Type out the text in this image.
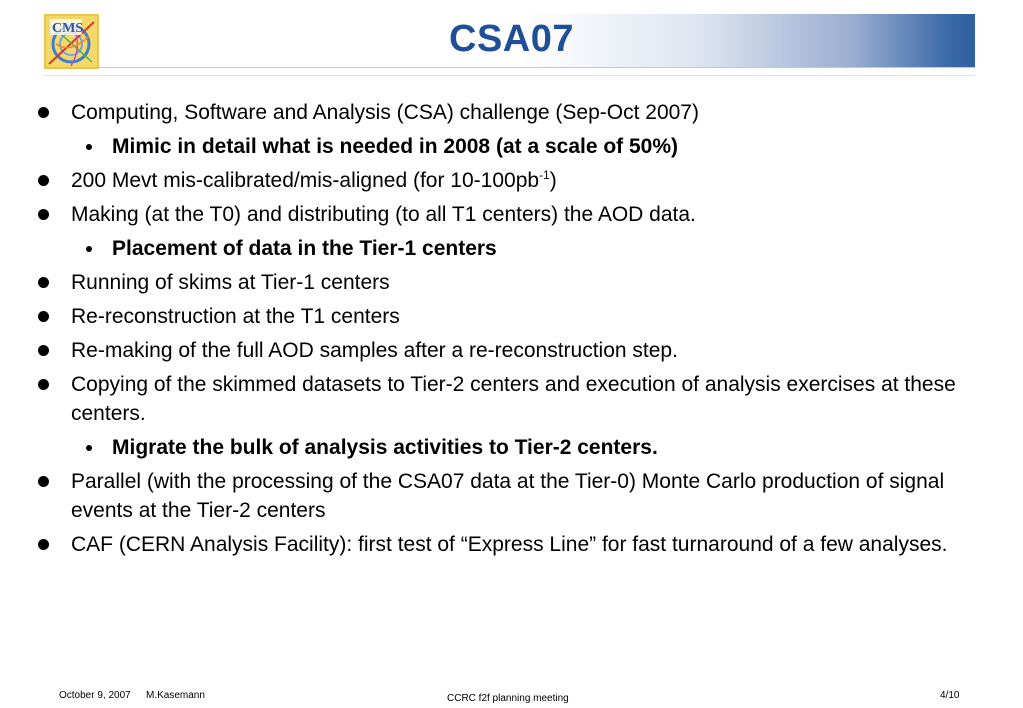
CMS	CSA07
Computing, Software and Analysis (CSA) challenge (Sep-Oct 2007)
Mimic in detail what is needed in 2008 (at a scale of 50%)
200 Mevt mis-calibrated/mis-aligned (for $10-100pb^{-1}$)
Making (at the T0) and distributing (to all T1 centers) the AOD data.
Placement of data in the Tier-1 centers
Running of skims at Tier-1 centers
Re-reconstruction at the T1 centers
Re-making of the full AOD samples after a re-reconstruction step.
Copying of the skimmed datasets to Tier-2 centers and execution of analysis exercises at these centers.
Migrate the bulk of analysis activities to Tier-2 centers.
Parallel (with the processing of the CSA07 data at the Tier-0) Monte Carlo production of signal events at the Tier-2 centers
CAF (CERN Analysis Facility): first test of “Express Line” for fast turnaround of a few analyses.
October 9, 2007 M.Kasemann	CCRC f2f planning meeting	4/10
